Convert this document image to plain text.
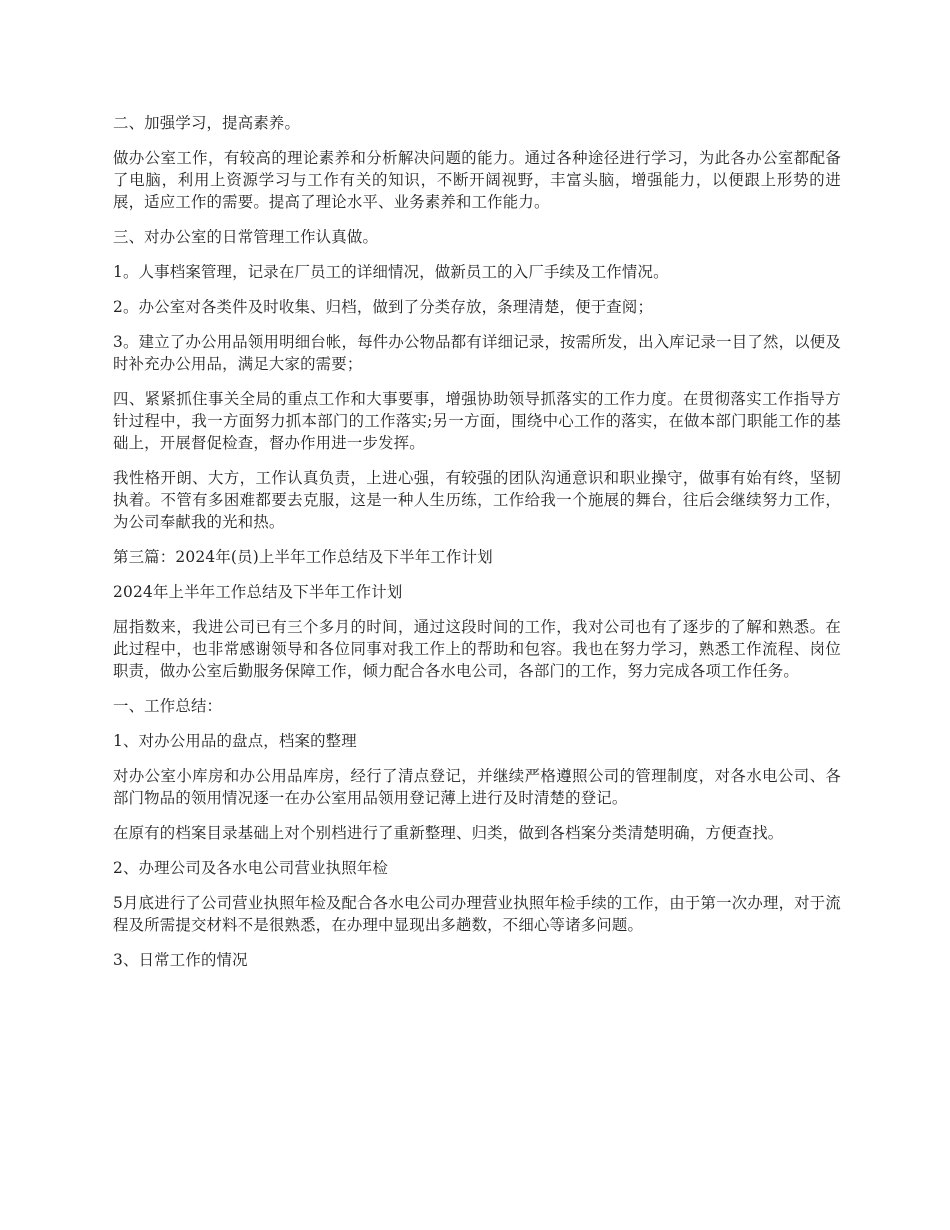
二、加强学习，提高素养。

做办公室工作，有较高的理论素养和分析解决问题的能力。通过各种途径进行学习，为此各办公室都配备了电脑，利用上资源学习与工作有关的知识，不断开阔视野，丰富头脑，增强能力，以便跟上形势的进展，适应工作的需要。提高了理论水平、业务素养和工作能力。

三、对办公室的日常管理工作认真做。

1。人事档案管理，记录在厂员工的详细情况，做新员工的入厂手续及工作情况。

2。办公室对各类件及时收集、归档，做到了分类存放，条理清楚，便于查阅；

3。建立了办公用品领用明细台帐，每件办公物品都有详细记录，按需所发，出入库记录一目了然，以便及时补充办公用品，满足大家的需要；

四、紧紧抓住事关全局的重点工作和大事要事，增强协助领导抓落实的工作力度。在贯彻落实工作指导方针过程中，我一方面努力抓本部门的工作落实;另一方面，围绕中心工作的落实，在做本部门职能工作的基础上，开展督促检查，督办作用进一步发挥。

我性格开朗、大方，工作认真负责，上进心强，有较强的团队沟通意识和职业操守，做事有始有终，坚韧执着。不管有多困难都要去克服，这是一种人生历练，工作给我一个施展的舞台，往后会继续努力工作，为公司奉献我的光和热。

第三篇：2024年(员)上半年工作总结及下半年工作计划

2024年上半年工作总结及下半年工作计划

屈指数来，我进公司已有三个多月的时间，通过这段时间的工作，我对公司也有了逐步的了解和熟悉。在此过程中，也非常感谢领导和各位同事对我工作上的帮助和包容。我也在努力学习，熟悉工作流程、岗位职责，做办公室后勤服务保障工作，倾力配合各水电公司，各部门的工作，努力完成各项工作任务。

一、工作总结：

1、对办公用品的盘点，档案的整理

对办公室小库房和办公用品库房，经行了清点登记，并继续严格遵照公司的管理制度，对各水电公司、各部门物品的领用情况逐一在办公室用品领用登记薄上进行及时清楚的登记。

在原有的档案目录基础上对个别档进行了重新整理、归类，做到各档案分类清楚明确，方便查找。

2、办理公司及各水电公司营业执照年检

5月底进行了公司营业执照年检及配合各水电公司办理营业执照年检手续的工作，由于第一次办理，对于流程及所需提交材料不是很熟悉，在办理中显现出多趟数，不细心等诸多问题。

3、日常工作的情况
